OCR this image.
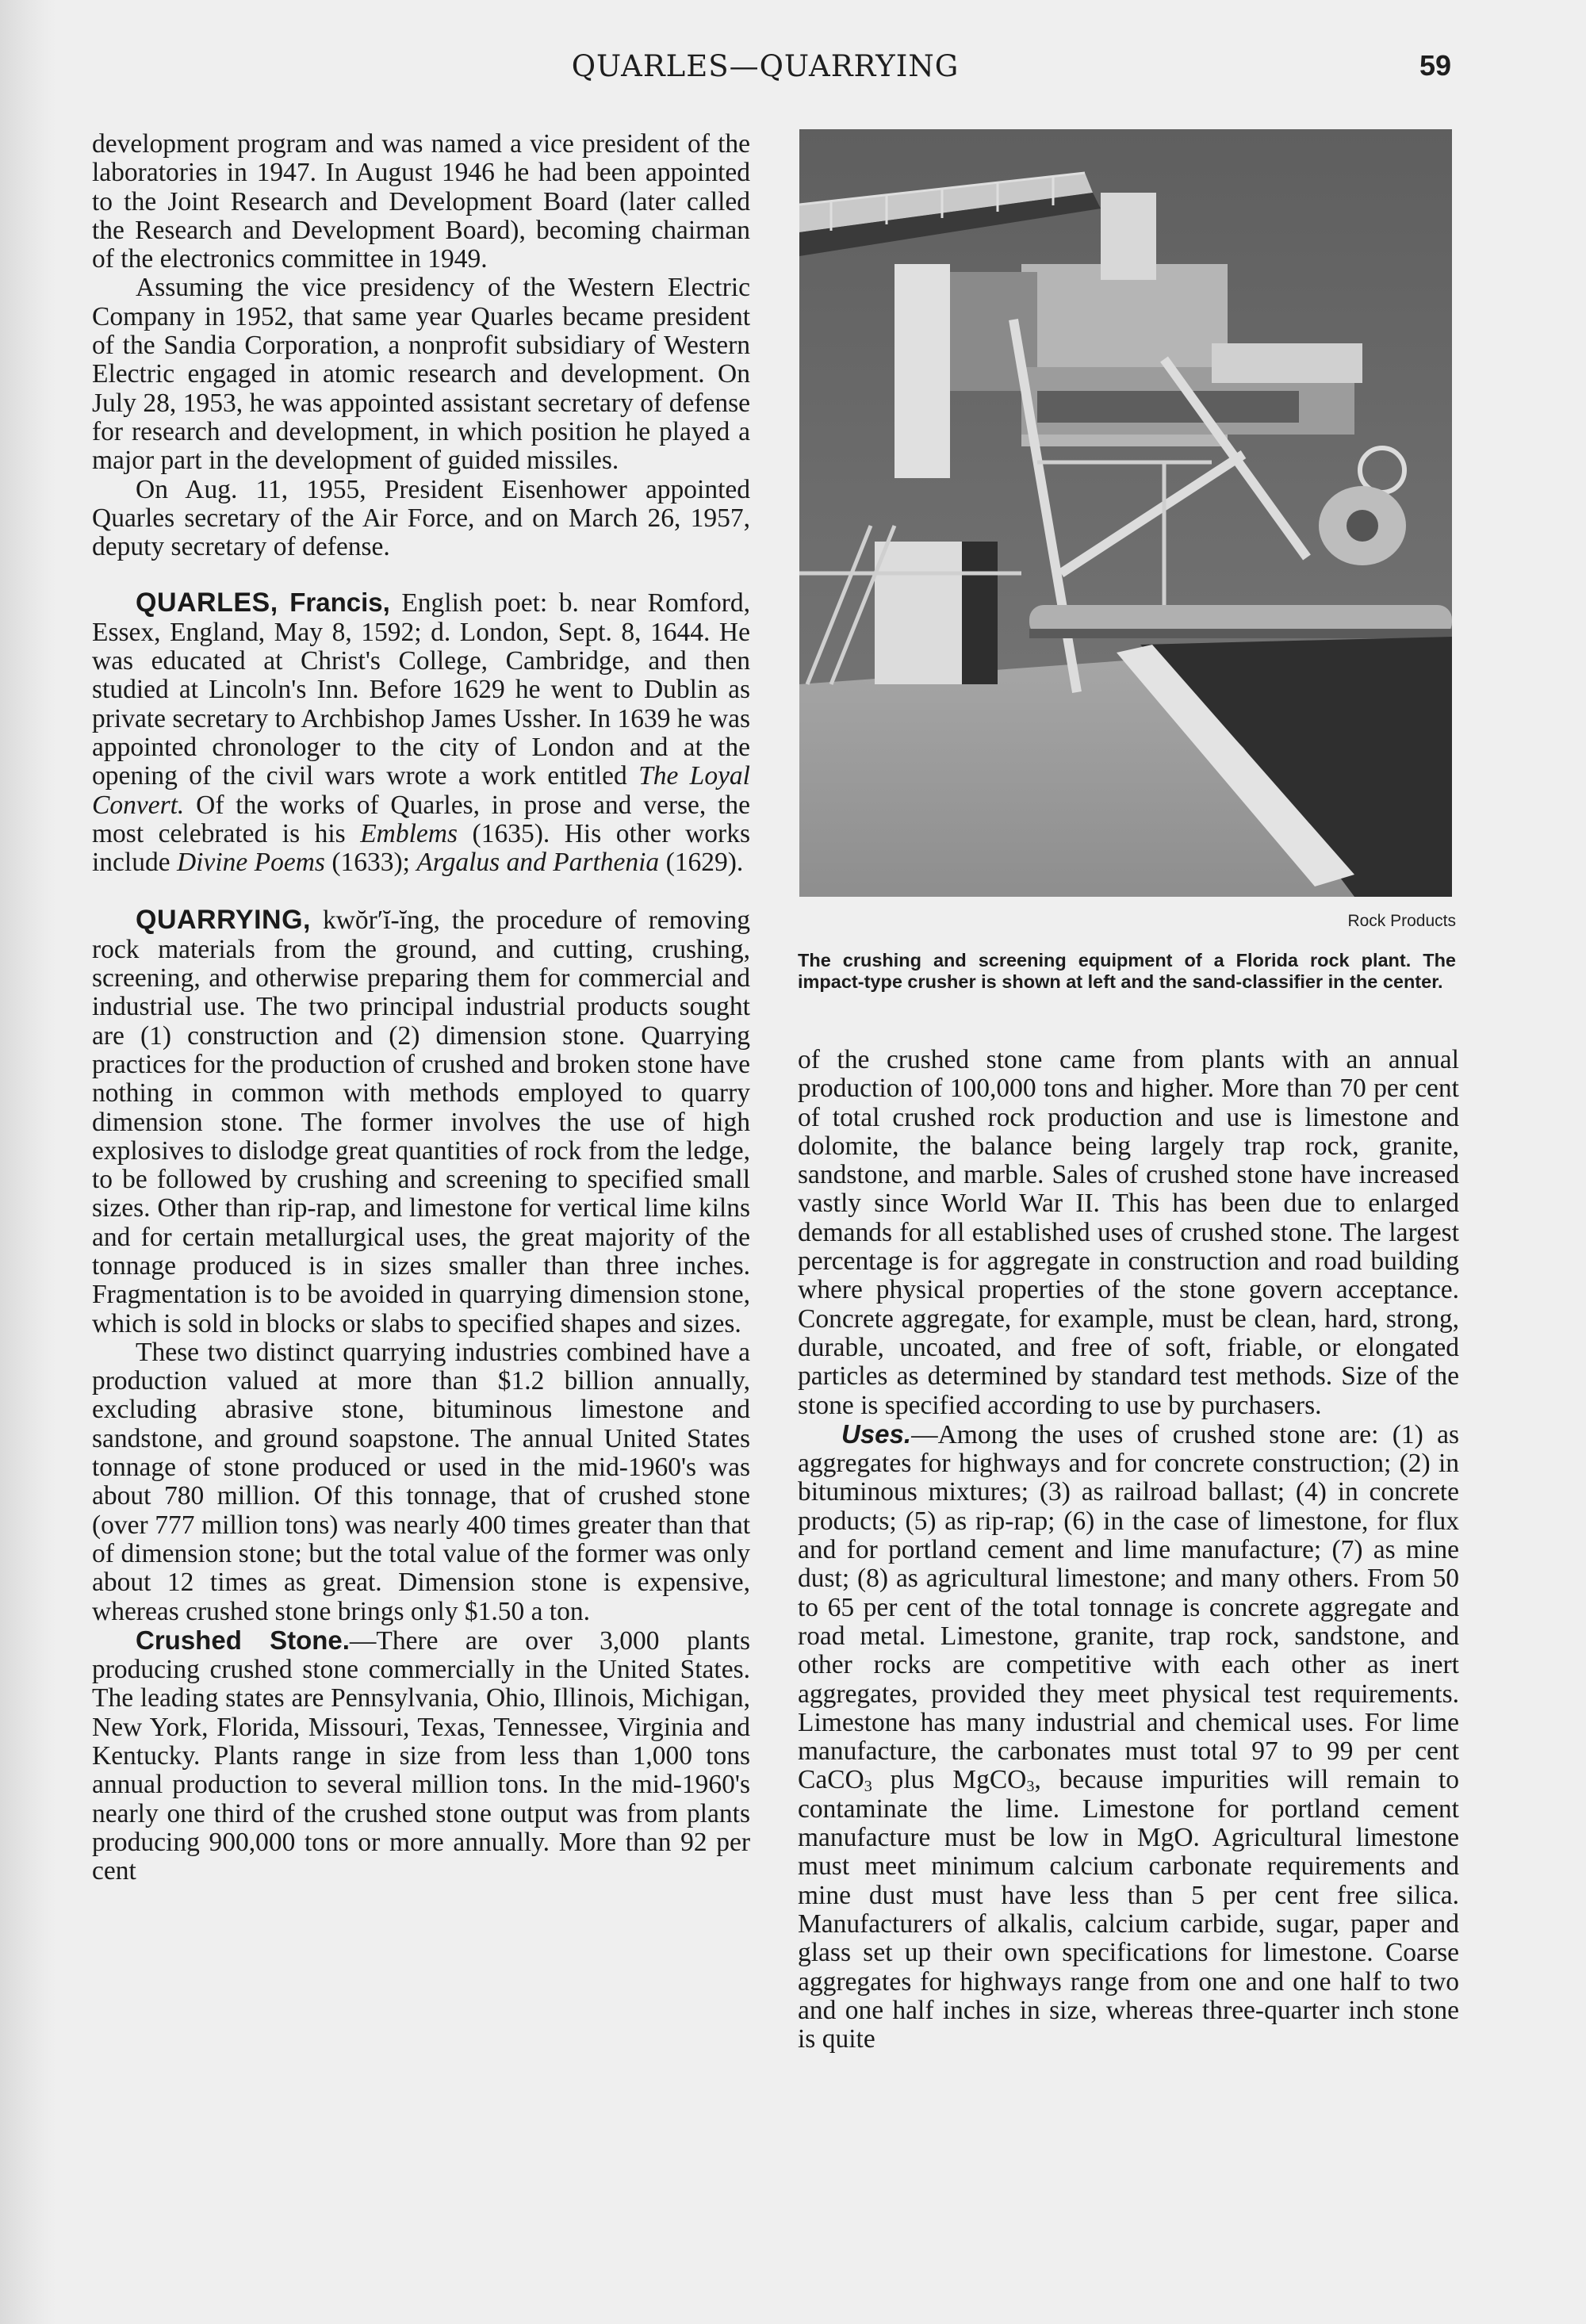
QUARLES—QUARRYING	59

development program and was named a vice president of the laboratories in 1947. In August 1946 he had been appointed to the Joint Research and Development Board (later called the Research and Development Board), becoming chairman of the electronics committee in 1949.

Assuming the vice presidency of the Western Electric Company in 1952, that same year Quarles became president of the Sandia Corporation, a nonprofit subsidiary of Western Electric engaged in atomic research and development. On July 28, 1953, he was appointed assistant secretary of defense for research and development, in which position he played a major part in the development of guided missiles.

On Aug. 11, 1955, President Eisenhower appointed Quarles secretary of the Air Force, and on March 26, 1957, deputy secretary of defense.

QUARLES, Francis, English poet: b. near Romford, Essex, England, May 8, 1592; d. London, Sept. 8, 1644. He was educated at Christ's College, Cambridge, and then studied at Lincoln's Inn. Before 1629 he went to Dublin as private secretary to Archbishop James Ussher. In 1639 he was appointed chronologer to the city of London and at the opening of the civil wars wrote a work entitled The Loyal Convert. Of the works of Quarles, in prose and verse, the most celebrated is his Emblems (1635). His other works include Divine Poems (1633); Argalus and Parthenia (1629).

QUARRYING, kwŏr′ĭ-ĭng, the procedure of removing rock materials from the ground, and cutting, crushing, screening, and otherwise preparing them for commercial and industrial use. The two principal industrial products sought are (1) construction and (2) dimension stone. Quarrying practices for the production of crushed and broken stone have nothing in common with methods employed to quarry dimension stone. The former involves the use of high explosives to dislodge great quantities of rock from the ledge, to be followed by crushing and screening to specified small sizes. Other than rip-rap, and limestone for vertical lime kilns and for certain metallurgical uses, the great majority of the tonnage produced is in sizes smaller than three inches. Fragmentation is to be avoided in quarrying dimension stone, which is sold in blocks or slabs to specified shapes and sizes.

These two distinct quarrying industries combined have a production valued at more than $1.2 billion annually, excluding abrasive stone, bituminous limestone and sandstone, and ground soapstone. The annual United States tonnage of stone produced or used in the mid-1960's was about 780 million. Of this tonnage, that of crushed stone (over 777 million tons) was nearly 400 times greater than that of dimension stone; but the total value of the former was only about 12 times as great. Dimension stone is expensive, whereas crushed stone brings only $1.50 a ton.

Crushed Stone.—There are over 3,000 plants producing crushed stone commercially in the United States. The leading states are Pennsylvania, Ohio, Illinois, Michigan, New York, Florida, Missouri, Texas, Tennessee, Virginia and Kentucky. Plants range in size from less than 1,000 tons annual production to several million tons. In the mid-1960's nearly one third of the crushed stone output was from plants producing 900,000 tons or more annually. More than 92 per cent

Rock Products
The crushing and screening equipment of a Florida rock plant. The impact-type crusher is shown at left and the sand-classifier in the center.

of the crushed stone came from plants with an annual production of 100,000 tons and higher. More than 70 per cent of total crushed rock production and use is limestone and dolomite, the balance being largely trap rock, granite, sandstone, and marble. Sales of crushed stone have increased vastly since World War II. This has been due to enlarged demands for all established uses of crushed stone. The largest percentage is for aggregate in construction and road building where physical properties of the stone govern acceptance. Concrete aggregate, for example, must be clean, hard, strong, durable, uncoated, and free of soft, friable, or elongated particles as determined by standard test methods. Size of the stone is specified according to use by purchasers.

Uses.—Among the uses of crushed stone are: (1) as aggregates for highways and for concrete construction; (2) in bituminous mixtures; (3) as railroad ballast; (4) in concrete products; (5) as rip-rap; (6) in the case of limestone, for flux and for portland cement and lime manufacture; (7) as mine dust; (8) as agricultural limestone; and many others. From 50 to 65 per cent of the total tonnage is concrete aggregate and road metal. Limestone, granite, trap rock, sandstone, and other rocks are competitive with each other as inert aggregates, provided they meet physical test requirements. Limestone has many industrial and chemical uses. For lime manufacture, the carbonates must total 97 to 99 per cent CaCO$_3$ plus MgCO$_3$, because impurities will remain to contaminate the lime. Limestone for portland cement manufacture must be low in MgO. Agricultural limestone must meet minimum calcium carbonate requirements and mine dust must have less than 5 per cent free silica. Manufacturers of alkalis, calcium carbide, sugar, paper and glass set up their own specifications for limestone. Coarse aggregates for highways range from one and one half to two and one half inches in size, whereas three-quarter inch stone is quite
